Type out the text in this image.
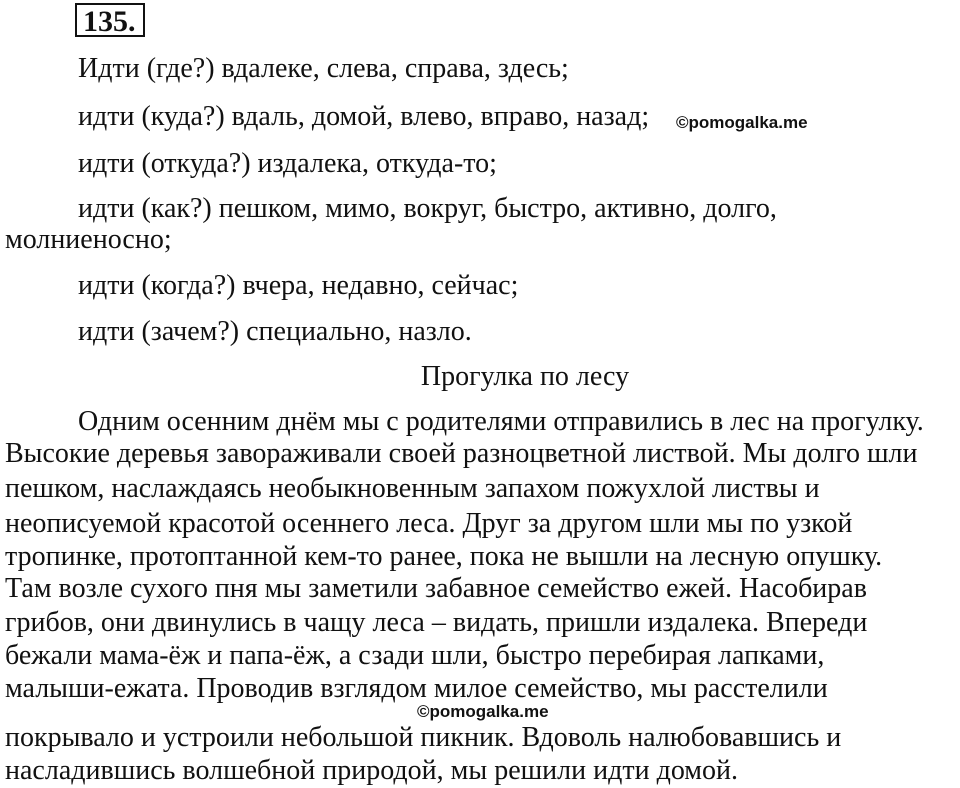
135.
Идти (где?) вдалеке, слева, справа, здесь;
идти (куда?) вдаль, домой, влево, вправо, назад;
идти (откуда?) издалека, откуда-то;
идти (как?) пешком, мимо, вокруг, быстро, активно, долго,
молниеносно;
идти (когда?) вчера, недавно, сейчас;
идти (зачем?) специально, назло.
Прогулка по лесу
Одним осенним днём мы с родителями отправились в лес на прогулку.
Высокие деревья завораживали своей разноцветной листвой. Мы долго шли
пешком, наслаждаясь необыкновенным запахом пожухлой листвы и
неописуемой красотой осеннего леса. Друг за другом шли мы по узкой
тропинке, протоптанной кем-то ранее, пока не вышли на лесную опушку.
Там возле сухого пня мы заметили забавное семейство ежей. Насобирав
грибов, они двинулись в чащу леса – видать, пришли издалека. Впереди
бежали мама-ёж и папа-ёж, а сзади шли, быстро перебирая лапками,
малыши-ежата. Проводив взглядом милое семейство, мы расстелили
покрывало и устроили небольшой пикник. Вдоволь налюбовавшись и
насладившись волшебной природой, мы решили идти домой.
©pomogalka.me
©pomogalka.me
